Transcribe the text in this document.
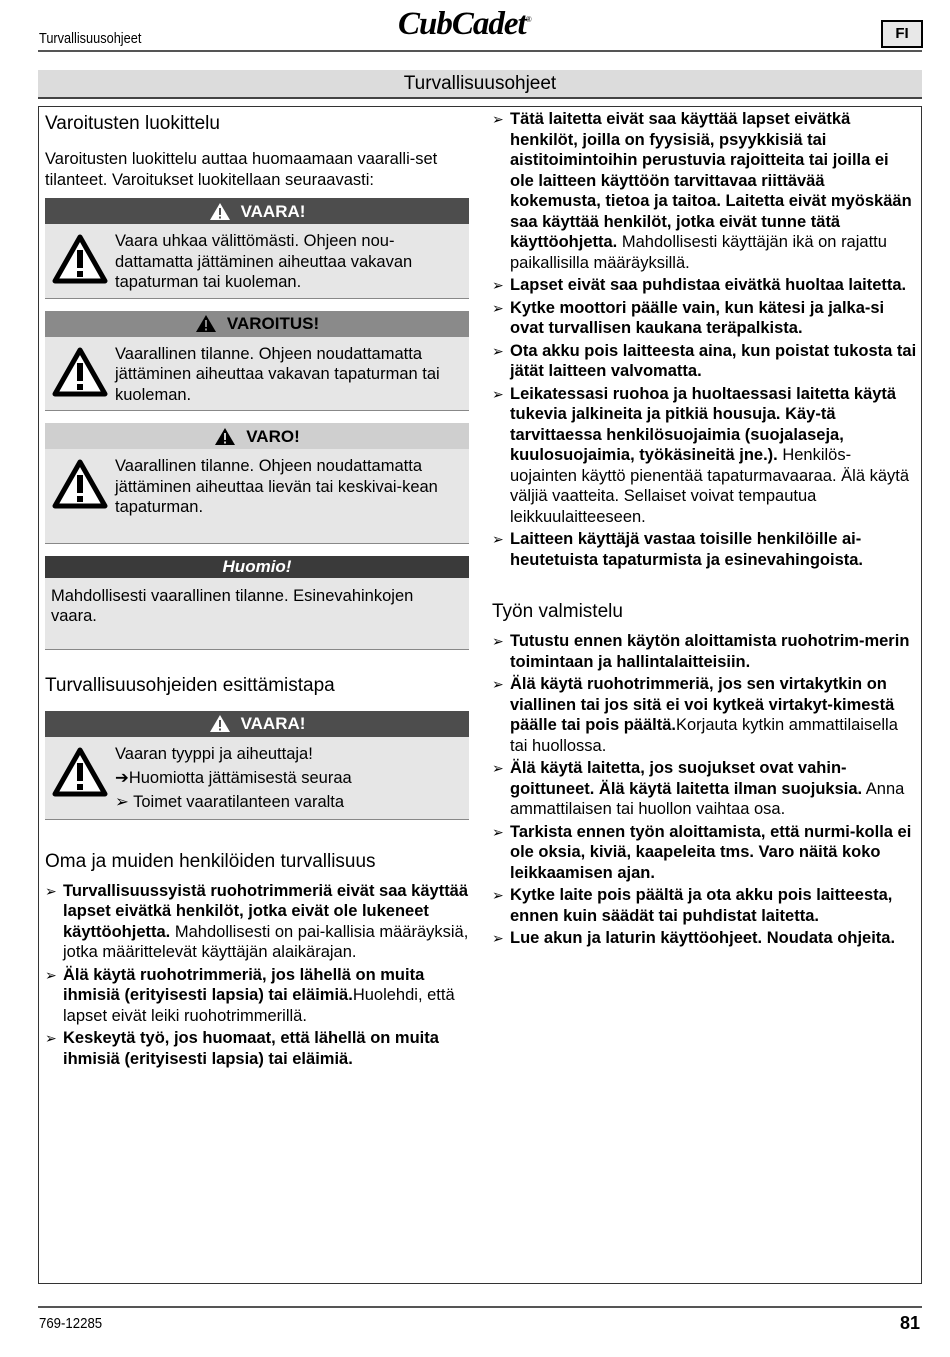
Turvallisuusohjeet	CubCadet®
FI
Turvallisuusohjeet
Varoitusten luokittelu

Varoitusten luokittelu auttaa huomaamaan vaaralli-set tilanteet. Varoitukset luokitellaan seuraavasti:

VAARA!
Vaara uhkaa välittömästi. Ohjeen nou-dattamatta jättäminen aiheuttaa vakavan tapaturman tai kuoleman.
VAROITUS!
Vaarallinen tilanne. Ohjeen noudattamatta jättäminen aiheuttaa vakavan tapaturman tai kuoleman.
VARO!
Vaarallinen tilanne. Ohjeen noudattamatta jättäminen aiheuttaa lievän tai keskivai-kean tapaturman.
Huomio!
Mahdollisesti vaarallinen tilanne. Esinevahinkojen vaara.
Turvallisuusohjeiden esittämistapa
VAARA!
Vaaran tyyppi ja aiheuttaja!
➔Huomiotta jättämisestä seuraa
➢ Toimet vaaratilanteen varalta
Oma ja muiden henkilöiden turvallisuus
➢ Turvallisuussyistä ruohotrimmeriä eivät saa käyttää lapset eivätkä henkilöt, jotka eivät ole lukeneet käyttöohjetta. Mahdollisesti on pai-kallisia määräyksiä, jotka määrittelevät käyttäjän alaikärajan.
➢ Älä käytä ruohotrimmeriä, jos lähellä on muita ihmisiä (erityisesti lapsia) tai eläimiä.Huolehdi, että lapset eivät leiki ruohotrimmerillä.
➢ Keskeytä työ, jos huomaat, että lähellä on muita ihmisiä (erityisesti lapsia) tai eläimiä.
➢ Tätä laitetta eivät saa käyttää lapset eivätkä henkilöt, joilla on fyysisiä, psyykkisiä tai aistitoimintoihin perustuvia rajoitteita tai joilla ei ole laitteen käyttöön tarvittavaa riittävää kokemusta, tietoa ja taitoa. Laitetta eivät myöskään saa käyttää henkilöt, jotka eivät tunne tätä käyttöohjetta. Mahdollisesti käyttäjän ikä on rajattu paikallisilla määräyksillä.
➢ Lapset eivät saa puhdistaa eivätkä huoltaa laitetta.
➢ Kytke moottori päälle vain, kun kätesi ja jalka-si ovat turvallisen kaukana teräpalkista.
➢ Ota akku pois laitteesta aina, kun poistat tukosta tai jätät laitteen valvomatta.
➢ Leikatessasi ruohoa ja huoltaessasi laitetta käytä tukevia jalkineita ja pitkiä housuja. Käy-tä tarvittaessa henkilösuojaimia (suojalaseja, kuulosuojaimia, työkäsineitä jne.). Henkilös-uojainten käyttö pienentää tapaturmavaaraa. Älä käytä väljiä vaatteita. Sellaiset voivat tempautua leikkuulaitteeseen.
➢ Laitteen käyttäjä vastaa toisille henkilöille ai-heutetuista tapaturmista ja esinevahingoista.
Työn valmistelu
➢ Tutustu ennen käytön aloittamista ruohotrim-merin toimintaan ja hallintalaitteisiin.
➢ Älä käytä ruohotrimmeriä, jos sen virtakytkin on viallinen tai jos sitä ei voi kytkeä virtakyt-kimestä päälle tai pois päältä.Korjauta kytkin ammattilaisella tai huollossa.
➢ Älä käytä laitetta, jos suojukset ovat vahin-goittuneet. Älä käytä laitetta ilman suojuksia. Anna ammattilaisen tai huollon vaihtaa osa.
➢ Tarkista ennen työn aloittamista, että nurmi-kolla ei ole oksia, kiviä, kaapeleita tms. Varo näitä koko leikkaamisen ajan.
➢ Kytke laite pois päältä ja ota akku pois laitteesta, ennen kuin säädät tai puhdistat laitetta.
➢ Lue akun ja laturin käyttöohjeet. Noudata ohjeita.
769-12285	81
